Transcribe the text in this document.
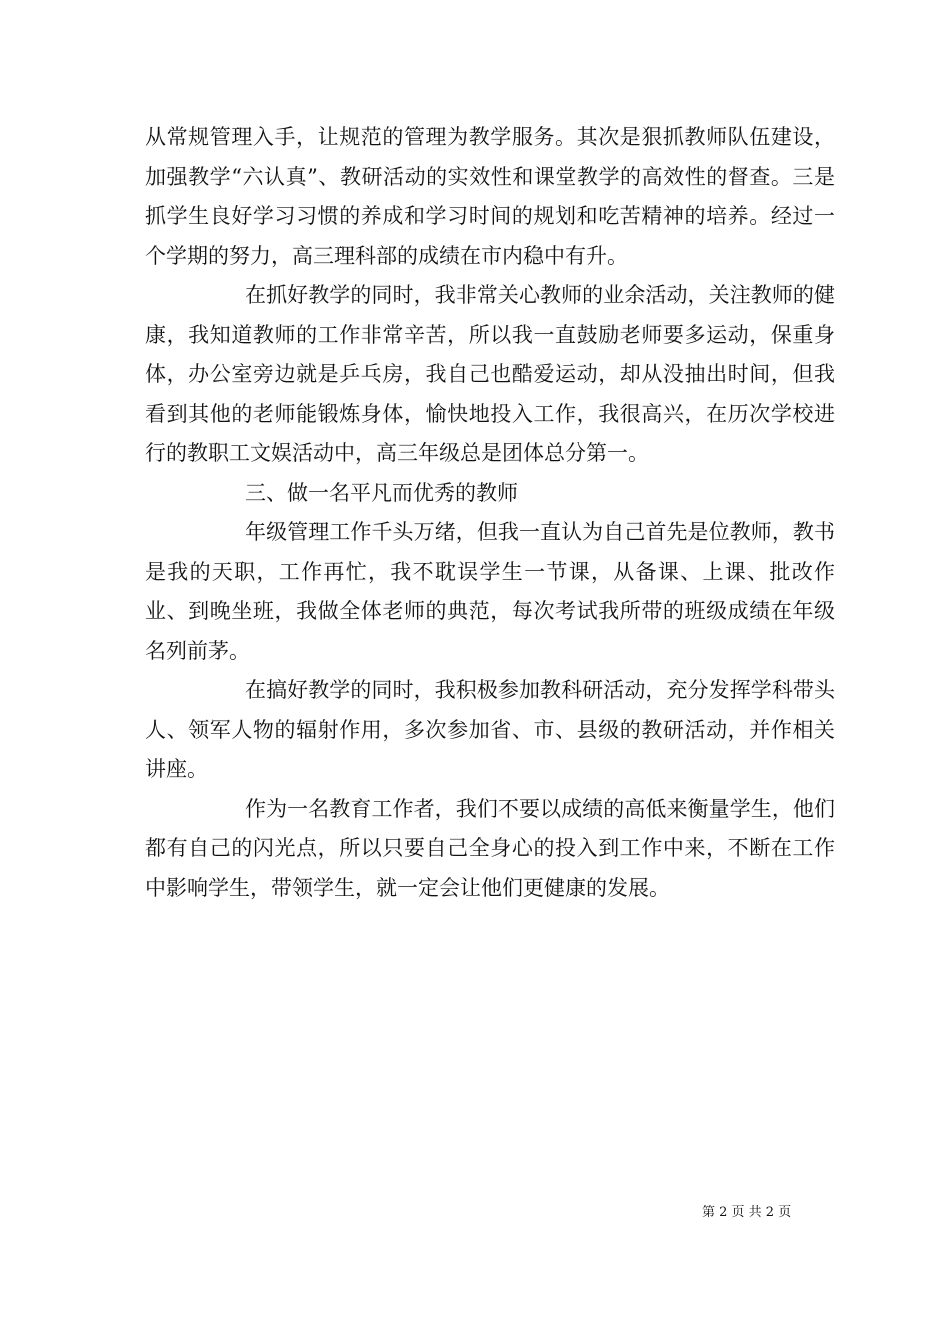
从常规管理入手，让规范的管理为教学服务。其次是狠抓教师队伍建设，加强教学“六认真”、教研活动的实效性和课堂教学的高效性的督查。三是抓学生良好学习习惯的养成和学习时间的规划和吃苦精神的培养。经过一个学期的努力，高三理科部的成绩在市内稳中有升。

在抓好教学的同时，我非常关心教师的业余活动，关注教师的健康，我知道教师的工作非常辛苦，所以我一直鼓励老师要多运动，保重身体，办公室旁边就是乒乓房，我自己也酷爱运动，却从没抽出时间，但我看到其他的老师能锻炼身体，愉快地投入工作，我很高兴，在历次学校进行的教职工文娱活动中，高三年级总是团体总分第一。

三、做一名平凡而优秀的教师

年级管理工作千头万绪，但我一直认为自己首先是位教师，教书是我的天职，工作再忙，我不耽误学生一节课，从备课、上课、批改作业、到晚坐班，我做全体老师的典范，每次考试我所带的班级成绩在年级名列前茅。

在搞好教学的同时，我积极参加教科研活动，充分发挥学科带头人、领军人物的辐射作用，多次参加省、市、县级的教研活动，并作相关讲座。

作为一名教育工作者，我们不要以成绩的高低来衡量学生，他们都有自己的闪光点，所以只要自己全身心的投入到工作中来，不断在工作中影响学生，带领学生，就一定会让他们更健康的发展。

第 2 页 共 2 页
